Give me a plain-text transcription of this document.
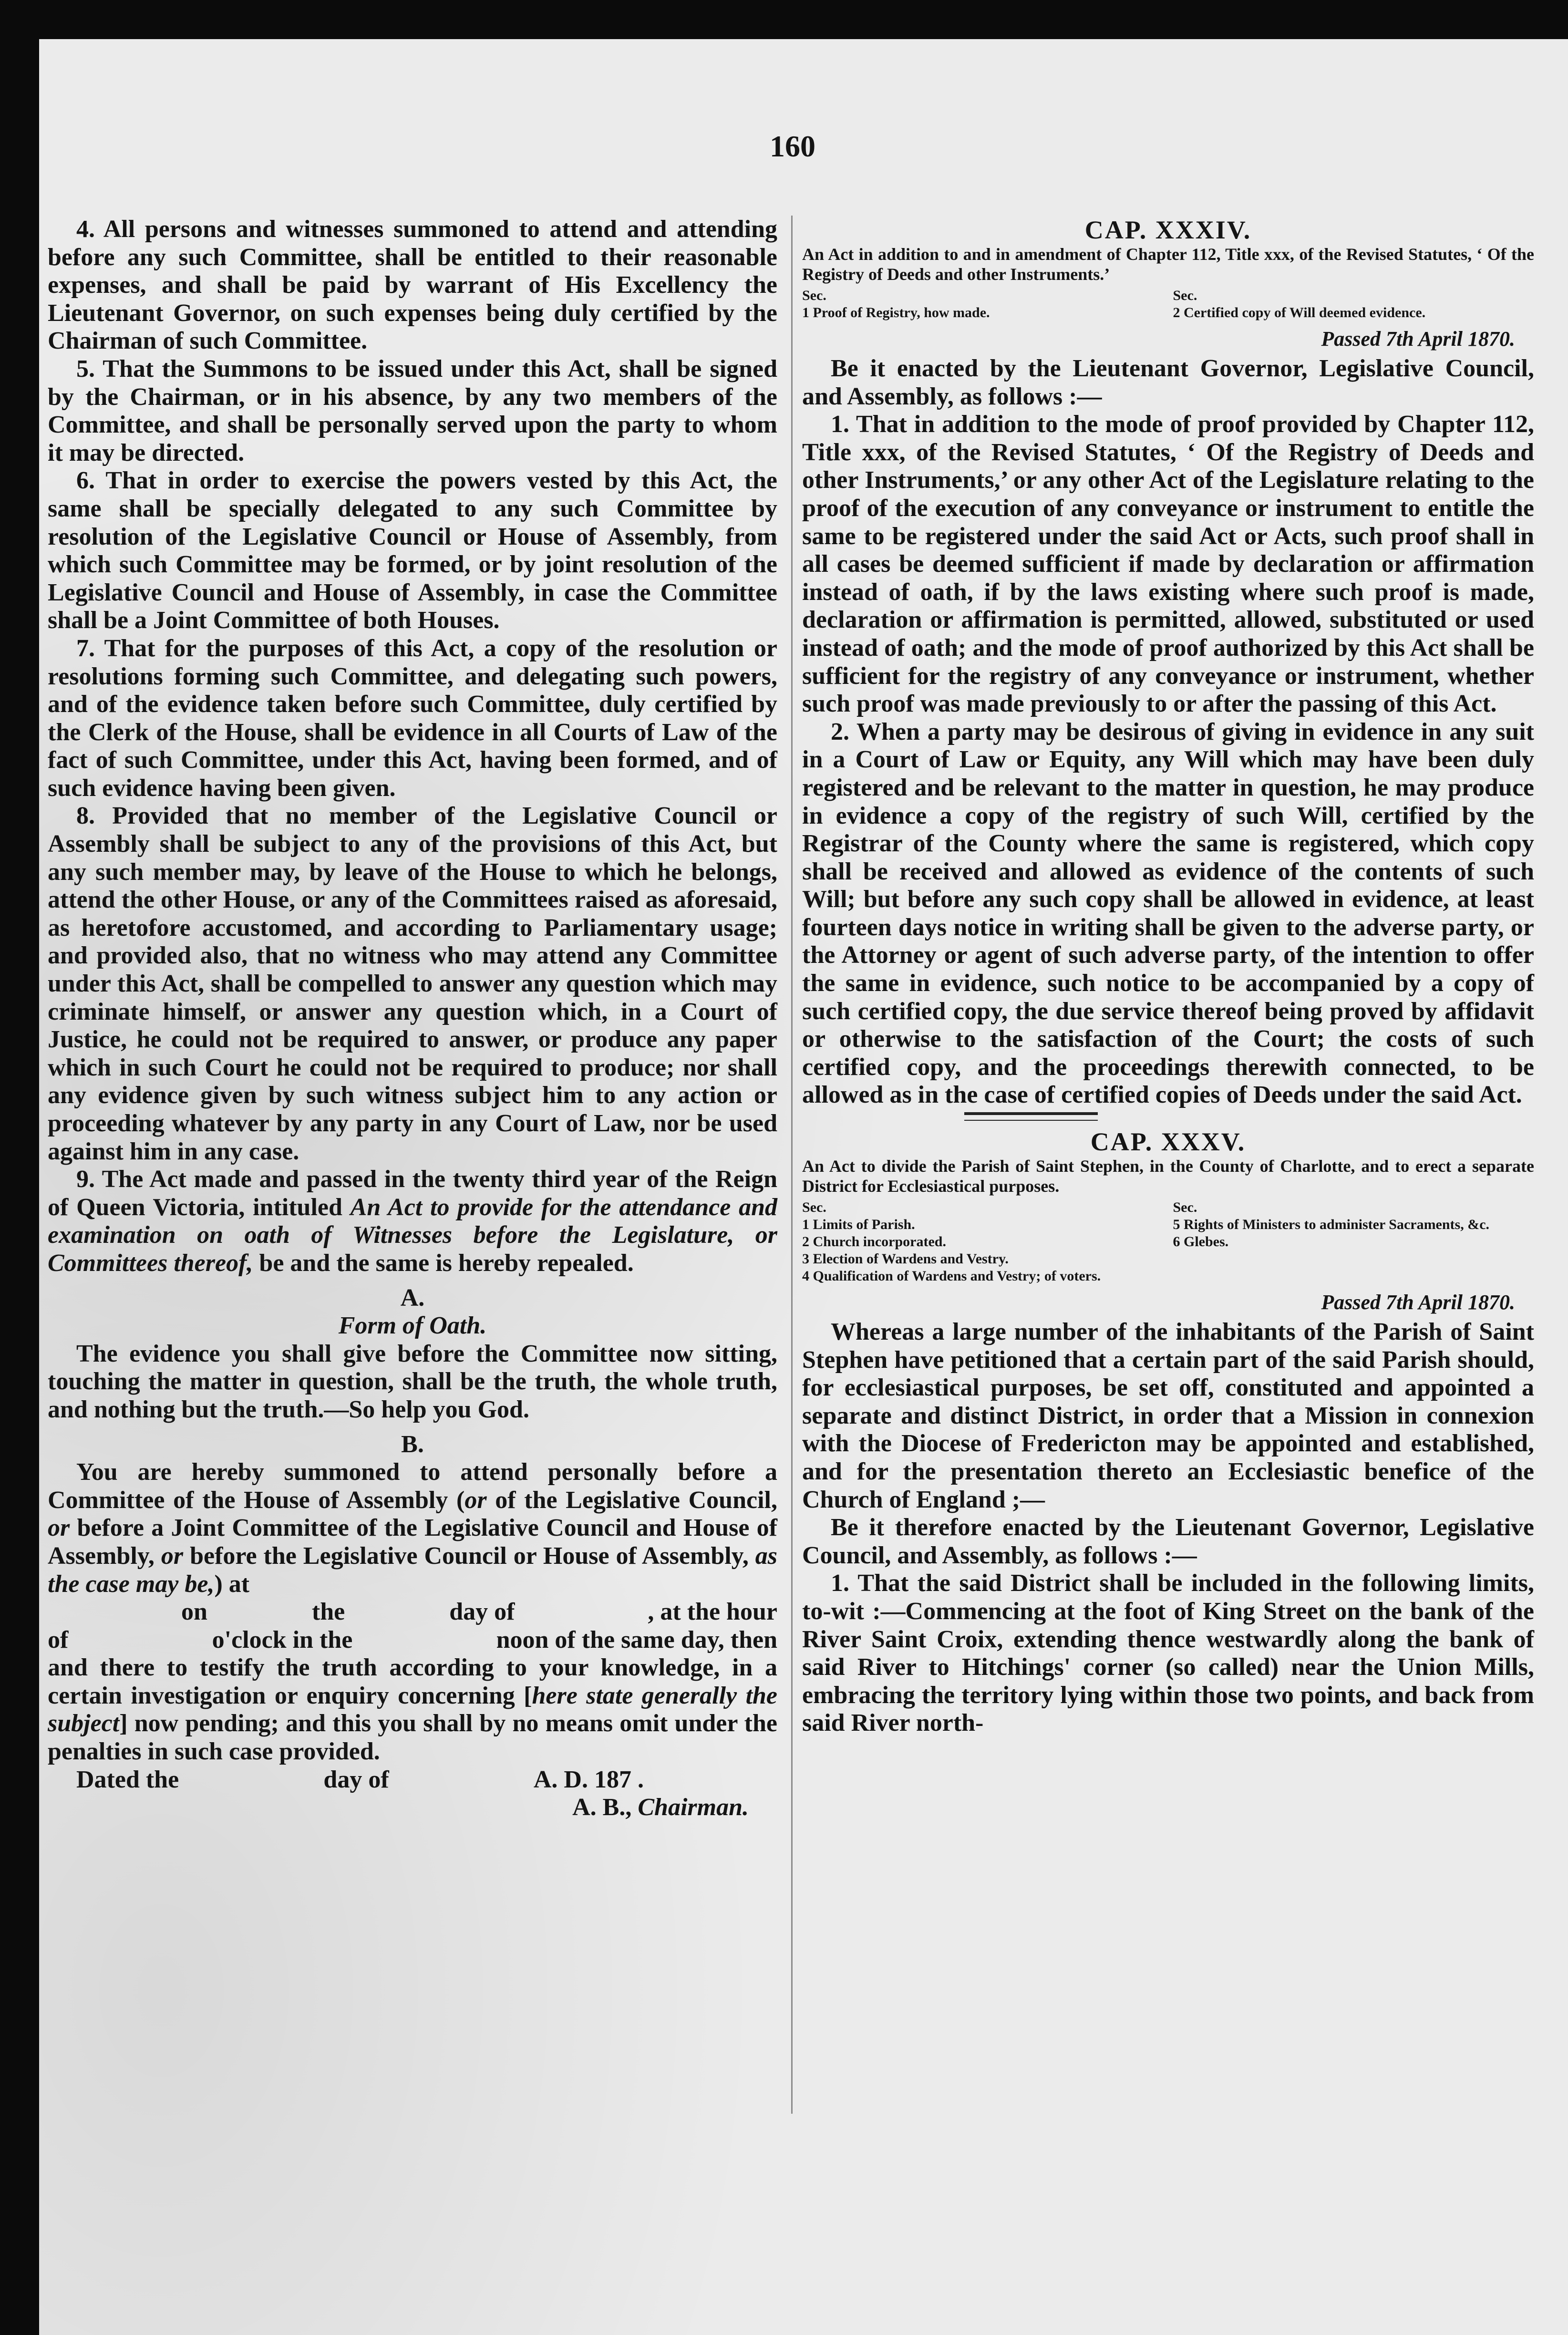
160

4. All persons and witnesses summoned to attend and attending before any such Committee, shall be entitled to their reasonable expenses, and shall be paid by warrant of His Excellency the Lieutenant Governor, on such expenses being duly certified by the Chairman of such Committee.

5. That the Summons to be issued under this Act, shall be signed by the Chairman, or in his absence, by any two members of the Committee, and shall be personally served upon the party to whom it may be directed.

6. That in order to exercise the powers vested by this Act, the same shall be specially delegated to any such Committee by resolution of the Legislative Council or House of Assembly, from which such Committee may be formed, or by joint resolution of the Legislative Council and House of Assembly, in case the Committee shall be a Joint Committee of both Houses.

7. That for the purposes of this Act, a copy of the resolution or resolutions forming such Committee, and delegating such powers, and of the evidence taken before such Committee, duly certified by the Clerk of the House, shall be evidence in all Courts of Law of the fact of such Committee, under this Act, having been formed, and of such evidence having been given.

8. Provided that no member of the Legislative Council or Assembly shall be subject to any of the provisions of this Act, but any such member may, by leave of the House to which he belongs, attend the other House, or any of the Committees raised as aforesaid, as heretofore accustomed, and according to Parliamentary usage; and provided also, that no witness who may attend any Committee under this Act, shall be compelled to answer any question which may criminate himself, or answer any question which, in a Court of Justice, he could not be required to answer, or produce any paper which in such Court he could not be required to produce; nor shall any evidence given by such witness subject him to any action or proceeding whatever by any party in any Court of Law, nor be used against him in any case.

9. The Act made and passed in the twenty third year of the Reign of Queen Victoria, intituled An Act to provide for the attendance and examination on oath of Witnesses before the Legislature, or Committees thereof, be and the same is hereby repealed.

A.

Form of Oath.

The evidence you shall give before the Committee now sitting, touching the matter in question, shall be the truth, the whole truth, and nothing but the truth.—So help you God.

B.

You are hereby summoned to attend personally before a Committee of the House of Assembly (or of the Legislative Council, or before a Joint Committee of the Legislative Council and House of Assembly, or before the Legislative Council or House of Assembly, as the case may be,) at

on	the	day of	, at the hour

of	o'clock in the	noon of the same day, then

and there to testify the truth according to your knowledge, in a certain investigation or enquiry concerning [here state generally the subject] now pending; and this you shall by no means omit under the penalties in such case provided.

Dated the	day of	A. D. 187 .

A. B., Chairman.

CAP. XXXIV.
An Act in addition to and in amendment of Chapter 112, Title xxx, of the Revised Statutes, ‘ Of the Registry of Deeds and other Instruments.’
Sec.
1 Proof of Registry, how made.
Sec.
2 Certified copy of Will deemed evidence.
Passed 7th April 1870.

Be it enacted by the Lieutenant Governor, Legislative Council, and Assembly, as follows :—

1. That in addition to the mode of proof provided by Chapter 112, Title xxx, of the Revised Statutes, ‘ Of the Registry of Deeds and other Instruments,’ or any other Act of the Legislature relating to the proof of the execution of any conveyance or instrument to entitle the same to be registered under the said Act or Acts, such proof shall in all cases be deemed sufficient if made by declaration or affirmation instead of oath, if by the laws existing where such proof is made, declaration or affirmation is permitted, allowed, substituted or used instead of oath; and the mode of proof authorized by this Act shall be sufficient for the registry of any conveyance or instrument, whether such proof was made previously to or after the passing of this Act.

2. When a party may be desirous of giving in evidence in any suit in a Court of Law or Equity, any Will which may have been duly registered and be relevant to the matter in question, he may produce in evidence a copy of the registry of such Will, certified by the Registrar of the County where the same is registered, which copy shall be received and allowed as evidence of the contents of such Will; but before any such copy shall be allowed in evidence, at least fourteen days notice in writing shall be given to the adverse party, or the Attorney or agent of such adverse party, of the intention to offer the same in evidence, such notice to be accompanied by a copy of such certified copy, the due service thereof being proved by affidavit or otherwise to the satisfaction of the Court; the costs of such certified copy, and the proceedings therewith connected, to be allowed as in the case of certified copies of Deeds under the said Act.

CAP. XXXV.
An Act to divide the Parish of Saint Stephen, in the County of Charlotte, and to erect a separate District for Ecclesiastical purposes.
Sec.
1 Limits of Parish.
2 Church incorporated.
3 Election of Wardens and Vestry.
4 Qualification of Wardens and Vestry; of voters.
Sec.
5 Rights of Ministers to administer Sacraments, &c.
6 Glebes.
Passed 7th April 1870.

Whereas a large number of the inhabitants of the Parish of Saint Stephen have petitioned that a certain part of the said Parish should, for ecclesiastical purposes, be set off, constituted and appointed a separate and distinct District, in order that a Mission in connexion with the Diocese of Fredericton may be appointed and established, and for the presentation thereto an Ecclesiastic benefice of the Church of England ;—

Be it therefore enacted by the Lieutenant Governor, Legislative Council, and Assembly, as follows :—

1. That the said District shall be included in the following limits, to-wit :—Commencing at the foot of King Street on the bank of the River Saint Croix, extending thence westwardly along the bank of said River to Hitchings' corner (so called) near the Union Mills, embracing the territory lying within those two points, and back from said River north-
